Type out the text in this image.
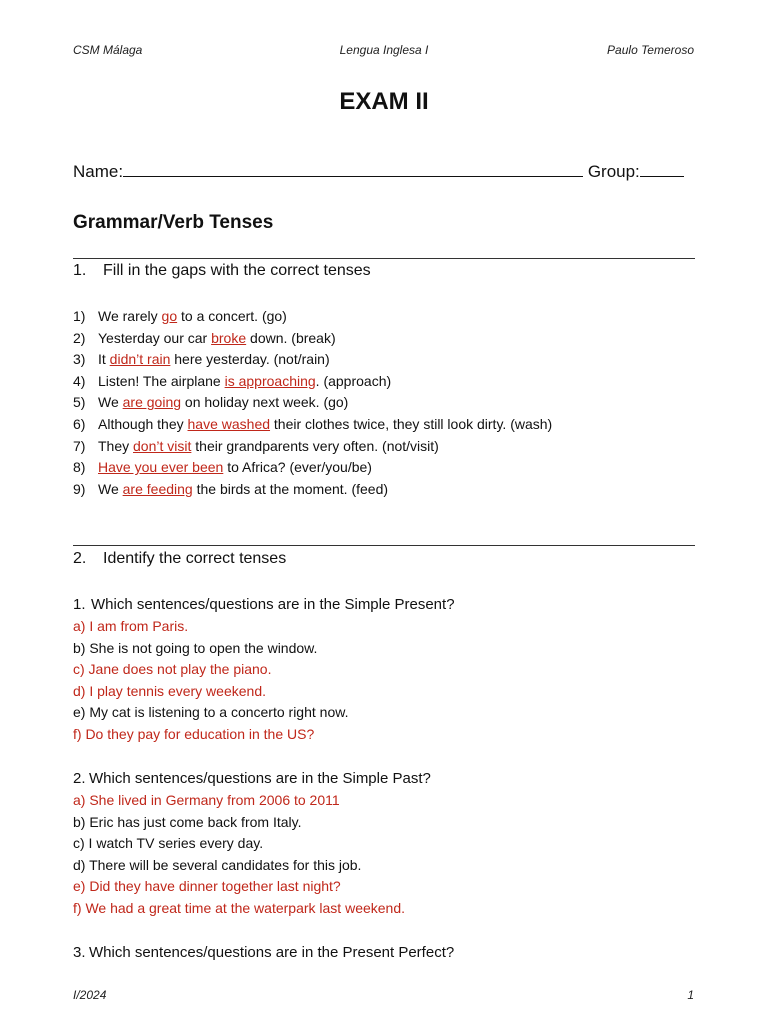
CSM Málaga	Lengua Inglesa I	Paulo Temeroso
EXAM II
Name:	Group:
Grammar/Verb Tenses
1. Fill in the gaps with the correct tenses
1) We rarely go to a concert. (go)
2) Yesterday our car broke down. (break)
3) It didn’t rain here yesterday. (not/rain)
4) Listen! The airplane is approaching. (approach)
5) We are going on holiday next week. (go)
6) Although they have washed their clothes twice, they still look dirty. (wash)
7) They don’t visit their grandparents very often. (not/visit)
8) Have you ever been to Africa? (ever/you/be)
9) We are feeding the birds at the moment. (feed)
2. Identify the correct tenses
1. Which sentences/questions are in the Simple Present?
a) I am from Paris.
b) She is not going to open the window.
c) Jane does not play the piano.
d) I play tennis every weekend.
e) My cat is listening to a concerto right now.
f) Do they pay for education in the US?
2. Which sentences/questions are in the Simple Past?
a) She lived in Germany from 2006 to 2011
b) Eric has just come back from Italy.
c) I watch TV series every day.
d) There will be several candidates for this job.
e) Did they have dinner together last night?
f) We had a great time at the waterpark last weekend.
3. Which sentences/questions are in the Present Perfect?
I/2024	1
